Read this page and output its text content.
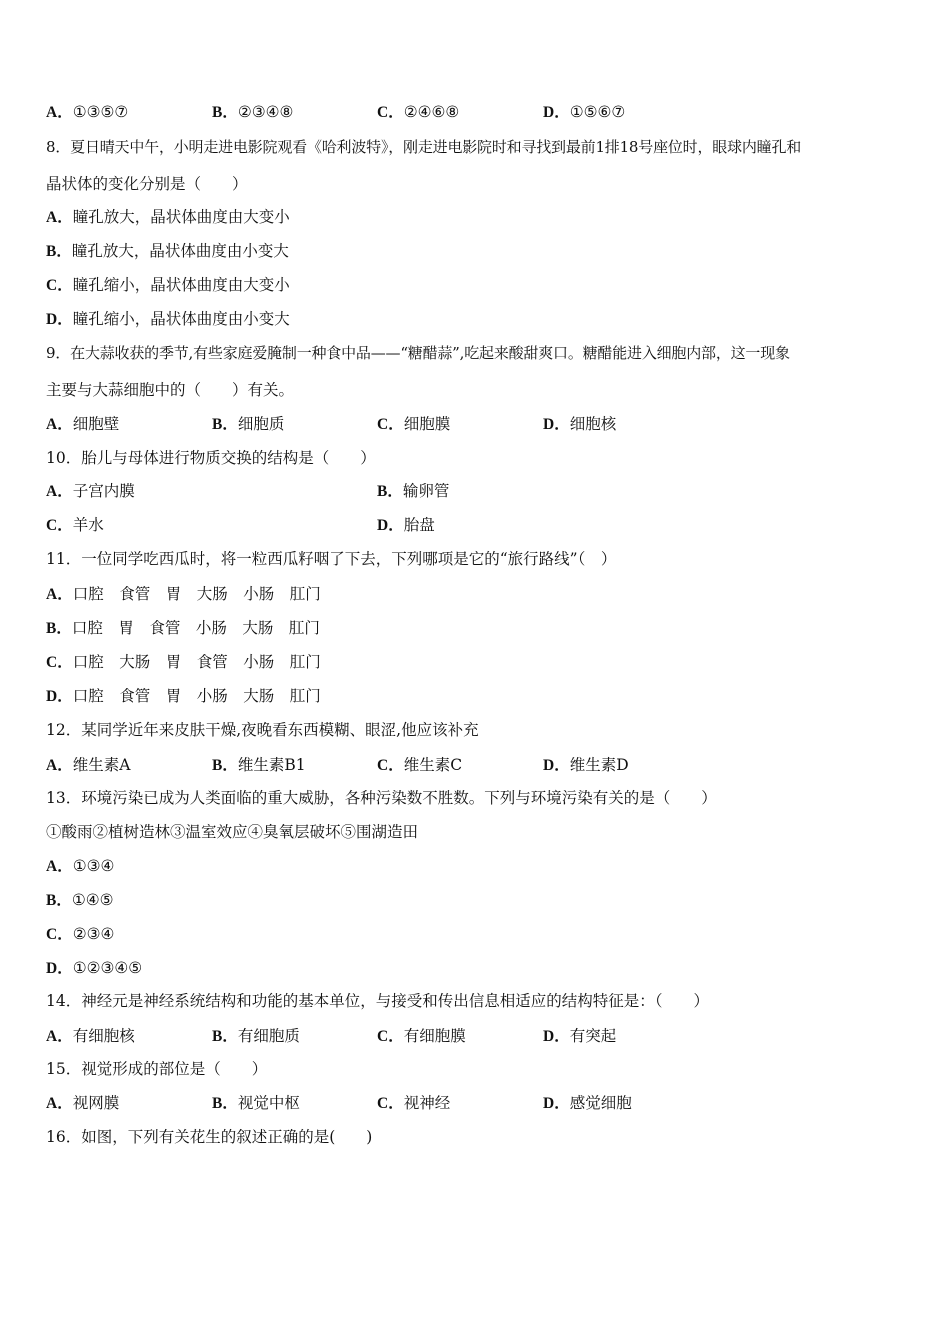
A．①③⑤⑦	B．②③④⑧	C．②④⑥⑧	D．①⑤⑥⑦
8．夏日晴天中午，小明走进电影院观看《哈利波特》，刚走进电影院时和寻找到最前1排18号座位时，眼球内瞳孔和
晶状体的变化分别是（　　）
A．瞳孔放大，晶状体曲度由大变小
B．瞳孔放大，晶状体曲度由小变大
C．瞳孔缩小，晶状体曲度由大变小
D．瞳孔缩小，晶状体曲度由小变大
9．在大蒜收获的季节,有些家庭爱腌制一种食中品——“糖醋蒜”,吃起来酸甜爽口。糖醋能进入细胞内部，这一现象
主要与大蒜细胞中的（　　）有关。
A．细胞壁	B．细胞质	C．细胞膜	D．细胞核
10．胎儿与母体进行物质交换的结构是（　　）
A．子宫内膜	B．输卵管
C．羊水	D．胎盘
11．一位同学吃西瓜时，将一粒西瓜籽咽了下去，下列哪项是它的“旅行路线”（　）
A．口腔　食管　胃　大肠　小肠　肛门
B．口腔　胃　食管　小肠　大肠　肛门
C．口腔　大肠　胃　食管　小肠　肛门
D．口腔　食管　胃　小肠　大肠　肛门
12．某同学近年来皮肤干燥,夜晚看东西模糊、眼涩,他应该补充
A．维生素A	B．维生素B1	C．维生素C	D．维生素D
13．环境污染已成为人类面临的重大威胁，各种污染数不胜数。下列与环境污染有关的是（　　）
①酸雨②植树造林③温室效应④臭氧层破坏⑤围湖造田
A．①③④
B．①④⑤
C．②③④
D．①②③④⑤
14．神经元是神经系统结构和功能的基本单位，与接受和传出信息相适应的结构特征是：（　　）
A．有细胞核	B．有细胞质	C．有细胞膜	D．有突起
15．视觉形成的部位是（　　）
A．视网膜	B．视觉中枢	C．视神经	D．感觉细胞
16．如图，下列有关花生的叙述正确的是(　　)
